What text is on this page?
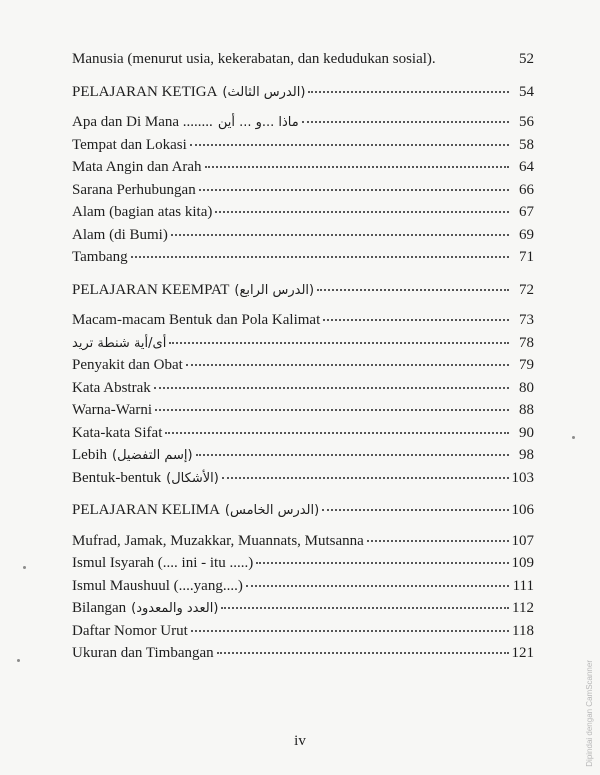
Manusia (menurut usia, kekerabatan, dan kedudukan sosial).	52
PELAJARAN KETIGA (الدرس الثالث)	54
Apa dan Di Mana ........ ماذا ...و ... أين	56
Tempat dan Lokasi	58
Mata Angin dan Arah	64
Sarana Perhubungan	66
Alam (bagian atas kita)	67
Alam (di Bumi)	69
Tambang	71
PELAJARAN KEEMPAT (الدرس الرابع)	72
Macam-macam Bentuk dan Pola Kalimat	73
أى/أية شنطة تريد	78
Penyakit dan Obat	79
Kata Abstrak	80
Warna-Warni	88
Kata-kata Sifat	90
Lebih (إسم التفضيل)	98
Bentuk-bentuk (الأشكال)	103
PELAJARAN KELIMA (الدرس الخامس)	106
Mufrad, Jamak, Muzakkar, Muannats, Mutsanna	107
Ismul Isyarah (.... ini - itu .....)	109
Ismul Maushuul (....yang....)	111
Bilangan (العدد والمعدود)	112
Daftar Nomor Urut	118
Ukuran dan Timbangan	121
iv	Dipindai dengan CamScanner
